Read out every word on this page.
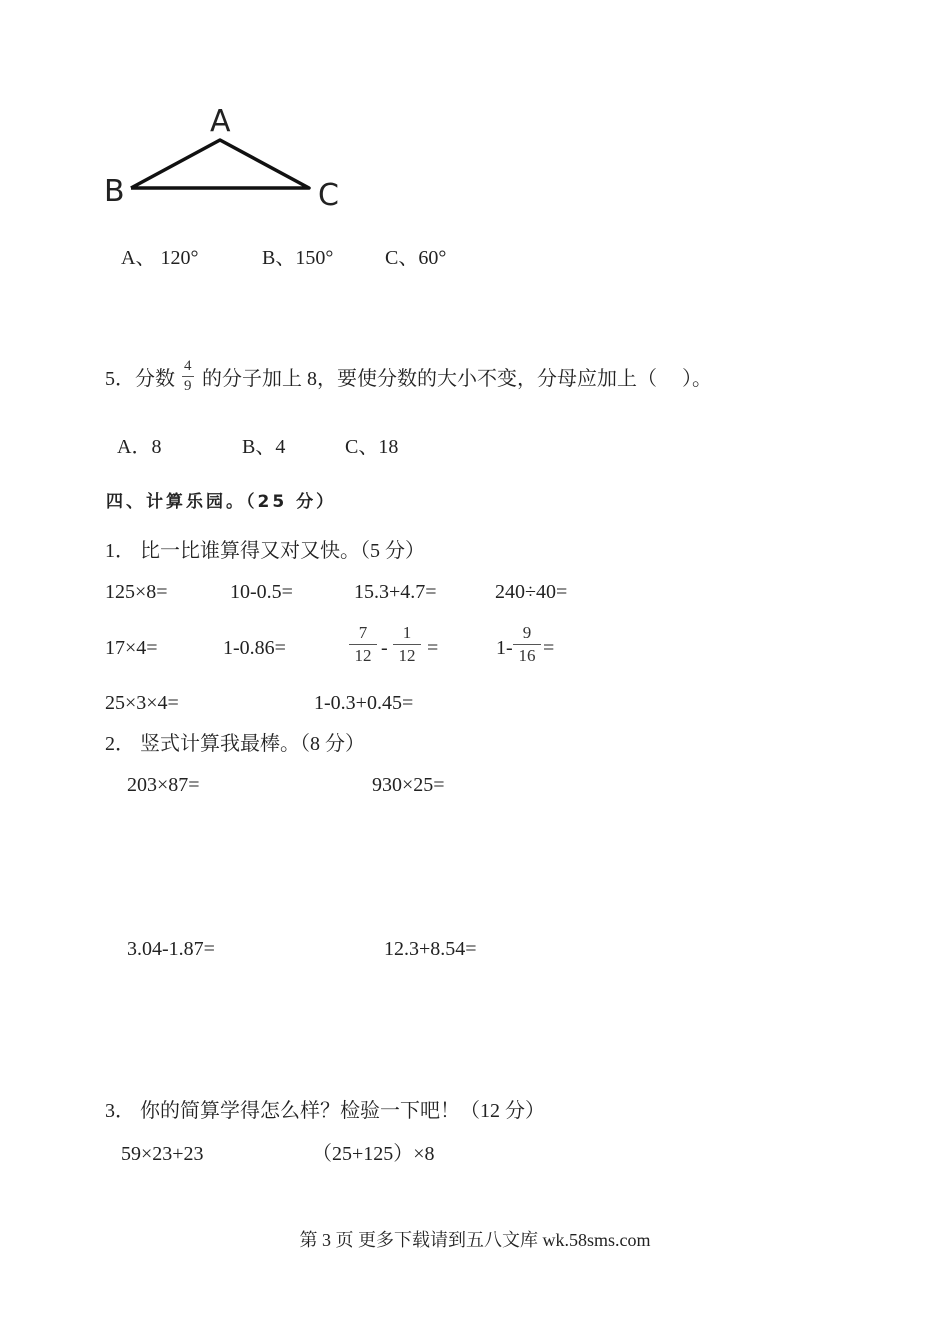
A
B	C
A、 120°	B、150°	C、60°
5．分数
4
9 的分子加上 8，要使分数的大小不变，分母应加上（　 ）。
A．8	B、4	C、18
四、计算乐园。（25 分）
1． 比一比谁算得又对又快。（5 分）
125×8=	10-0.5=	15.3+4.7=	240÷40=
17×4=	1-0.86=
7
12 -
1
12 =	1-
9
16 =
25×3×4=	1-0.3+0.45=
2． 竖式计算我最棒。（8 分）
203×87=	930×25=
3.04-1.87=	12.3+8.54=
3． 你的简算学得怎么样？检验一下吧！（12 分）
59×23+23	（25+125）×8
第 3 页 更多下载请到五八文库 wk.58sms.com
